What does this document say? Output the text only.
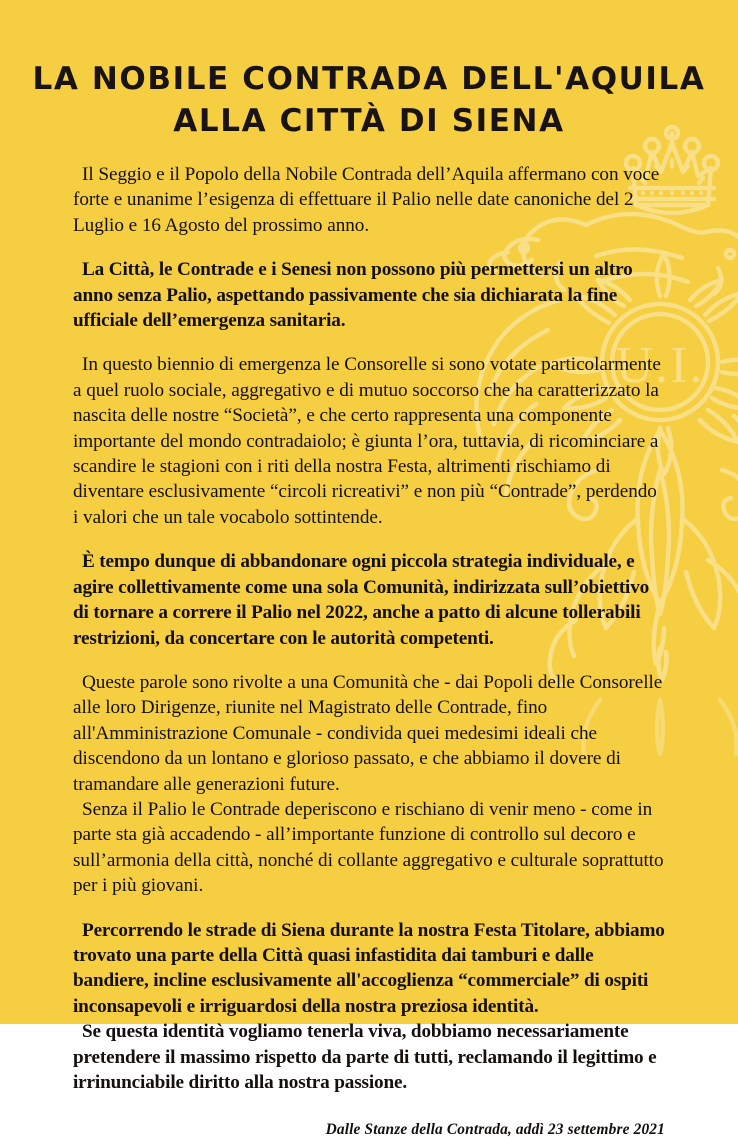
U.I.
LA NOBILE CONTRADA DELL'AQUILA
ALLA CITTÀ DI SIENA

Il Seggio e il Popolo della Nobile Contrada dell’Aquila affermano con voce forte e unanime l’esigenza di effettuare il Palio nelle date canoniche del 2 Luglio e 16 Agosto del prossimo anno.

La Città, le Contrade e i Senesi non possono più permettersi un altro anno senza Palio, aspettando passivamente che sia dichiarata la fine ufficiale dell’emergenza sanitaria.

In questo biennio di emergenza le Consorelle si sono votate particolarmente a quel ruolo sociale, aggregativo e di mutuo soccorso che ha caratterizzato la nascita delle nostre “Società”, e che certo rappresenta una componente importante del mondo contradaiolo; è giunta l’ora, tuttavia, di ricominciare a scandire le stagioni con i riti della nostra Festa, altrimenti rischiamo di diventare esclusivamente “circoli ricreativi” e non più “Contrade”, perdendo i valori che un tale vocabolo sottintende.

È tempo dunque di abbandonare ogni piccola strategia individuale, e agire collettivamente come una sola Comunità, indirizzata sull’obiettivo di tornare a correre il Palio nel 2022, anche a patto di alcune tollerabili restrizioni, da concertare con le autorità competenti.

Queste parole sono rivolte a una Comunità che - dai Popoli delle Consorelle alle loro Dirigenze, riunite nel Magistrato delle Contrade, fino all'Amministrazione Comunale - condivida quei medesimi ideali che discendono da un lontano e glorioso passato, e che abbiamo il dovere di tramandare alle generazioni future.

Senza il Palio le Contrade deperiscono e rischiano di venir meno - come in parte sta già accadendo - all’importante funzione di controllo sul decoro e sull’armonia della città, nonché di collante aggregativo e culturale soprattutto per i più giovani.

Percorrendo le strade di Siena durante la nostra Festa Titolare, abbiamo trovato una parte della Città quasi infastidita dai tamburi e dalle bandiere, incline esclusivamente all'accoglienza “commerciale” di ospiti inconsapevoli e irriguardosi della nostra preziosa identità.

Se questa identità vogliamo tenerla viva, dobbiamo necessariamente pretendere il massimo rispetto da parte di tutti, reclamando il legittimo e irrinunciabile diritto alla nostra passione.

Dalle Stanze della Contrada, addì 23 settembre 2021
